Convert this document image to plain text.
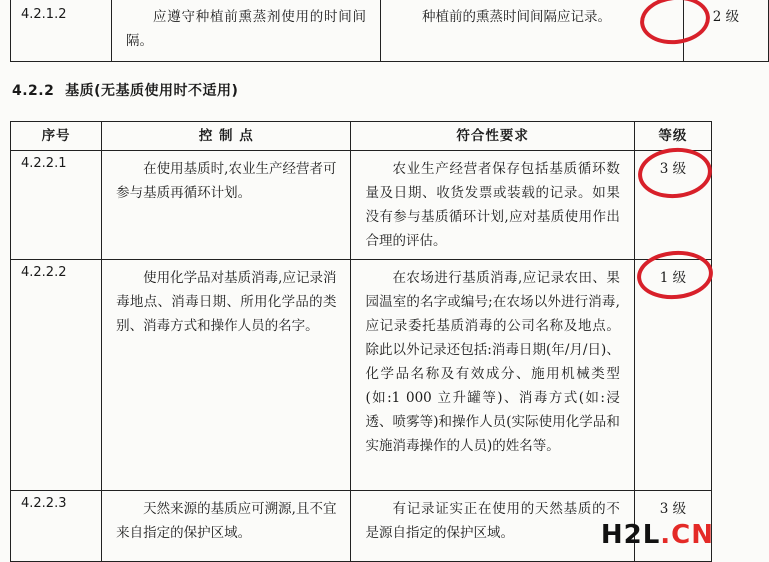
4.2.1.2	应遵守种植前熏蒸剂使用的时间间隔。	种植前的熏蒸时间间隔应记录。	2 级
4.2.2 基质(无基质使用时不适用)
序号	控 制 点	符合性要求	等级
4.2.2.1	在使用基质时,农业生产经营者可参与基质再循环计划。	农业生产经营者保存包括基质循环数量及日期、收货发票或装载的记录。如果没有参与基质循环计划,应对基质使用作出合理的评估。	3 级
4.2.2.2	使用化学品对基质消毒,应记录消毒地点、消毒日期、所用化学品的类别、消毒方式和操作人员的名字。	在农场进行基质消毒,应记录农田、果园温室的名字或编号;在农场以外进行消毒,应记录委托基质消毒的公司名称及地点。除此以外记录还包括:消毒日期(年/月/日)、化学品名称及有效成分、施用机械类型(如:1 000 立升罐等)、消毒方式(如:浸透、喷雾等)和操作人员(实际使用化学品和实施消毒操作的人员)的姓名等。	1 级
4.2.2.3	天然来源的基质应可溯源,且不宜来自指定的保护区域。	有记录证实正在使用的天然基质的不是源自指定的保护区域。	3 级
H2L.CN
